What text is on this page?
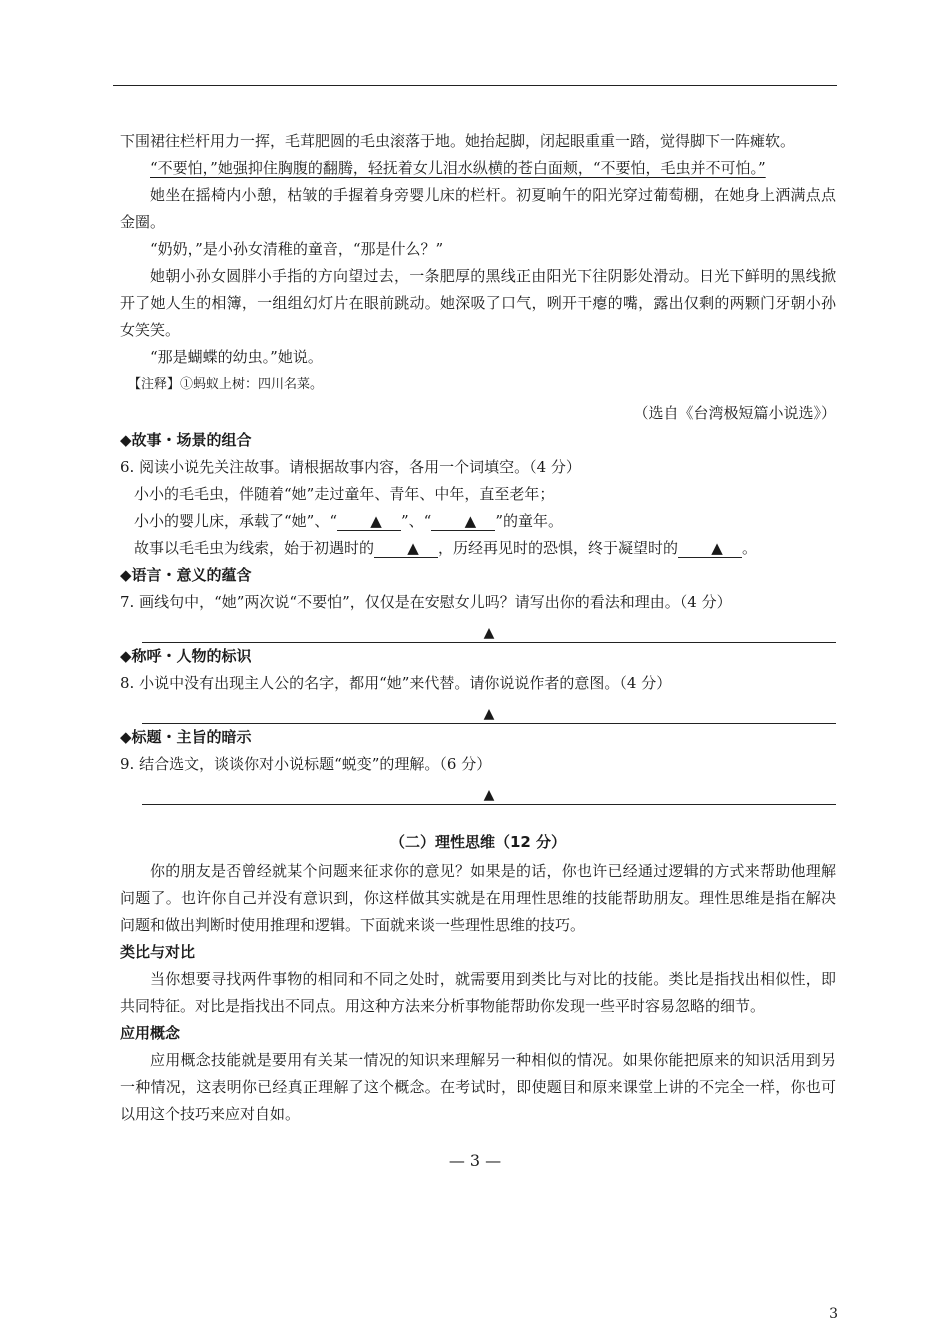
下围裙往栏杆用力一挥，毛茸肥圆的毛虫滚落于地。她抬起脚，闭起眼重重一踏，觉得脚下一阵瘫软。

“不要怕，”她强抑住胸腹的翻腾，轻抚着女儿泪水纵横的苍白面颊，“不要怕，毛虫并不可怕。”

她坐在摇椅内小憩，枯皱的手握着身旁婴儿床的栏杆。初夏晌午的阳光穿过葡萄棚，在她身上洒满点点金圈。

“奶奶，”是小孙女清稚的童音，“那是什么？”

她朝小孙女圆胖小手指的方向望过去，一条肥厚的黑线正由阳光下往阴影处滑动。日光下鲜明的黑线掀开了她人生的相簿，一组组幻灯片在眼前跳动。她深吸了口气，咧开干瘪的嘴，露出仅剩的两颗门牙朝小孙女笑笑。

“那是蝴蝶的幼虫。”她说。

【注释】①蚂蚁上树：四川名菜。

（选自《台湾极短篇小说选》）

◆故事・场景的组合

6. 阅读小说先关注故事。请根据故事内容，各用一个词填空。（4 分）

小小的毛毛虫，伴随着“她”走过童年、青年、中年，直至老年；

小小的婴儿床，承载了“她”、“ ▲ ”、“ ▲ ”的童年。

故事以毛毛虫为线索，始于初遇时的 ▲ ，历经再见时的恐惧，终于凝望时的 ▲ 。

◆语言・意义的蕴含

7. 画线句中，“她”两次说“不要怕”，仅仅是在安慰女儿吗？请写出你的看法和理由。（4 分）

▲

◆称呼・人物的标识

8. 小说中没有出现主人公的名字，都用“她”来代替。请你说说作者的意图。（4 分）

▲

◆标题・主旨的暗示

9. 结合选文，谈谈你对小说标题“蜕变”的理解。（6 分）

▲

（二）理性思维（12 分）

你的朋友是否曾经就某个问题来征求你的意见？如果是的话，你也许已经通过逻辑的方式来帮助他理解问题了。也许你自己并没有意识到，你这样做其实就是在用理性思维的技能帮助朋友。理性思维是指在解决问题和做出判断时使用推理和逻辑。下面就来谈一些理性思维的技巧。

类比与对比

当你想要寻找两件事物的相同和不同之处时，就需要用到类比与对比的技能。类比是指找出相似性，即共同特征。对比是指找出不同点。用这种方法来分析事物能帮助你发现一些平时容易忽略的细节。

应用概念

应用概念技能就是要用有关某一情况的知识来理解另一种相似的情况。如果你能把原来的知识活用到另一种情况，这表明你已经真正理解了这个概念。在考试时，即使题目和原来课堂上讲的不完全一样，你也可以用这个技巧来应对自如。

— 3 —
3
